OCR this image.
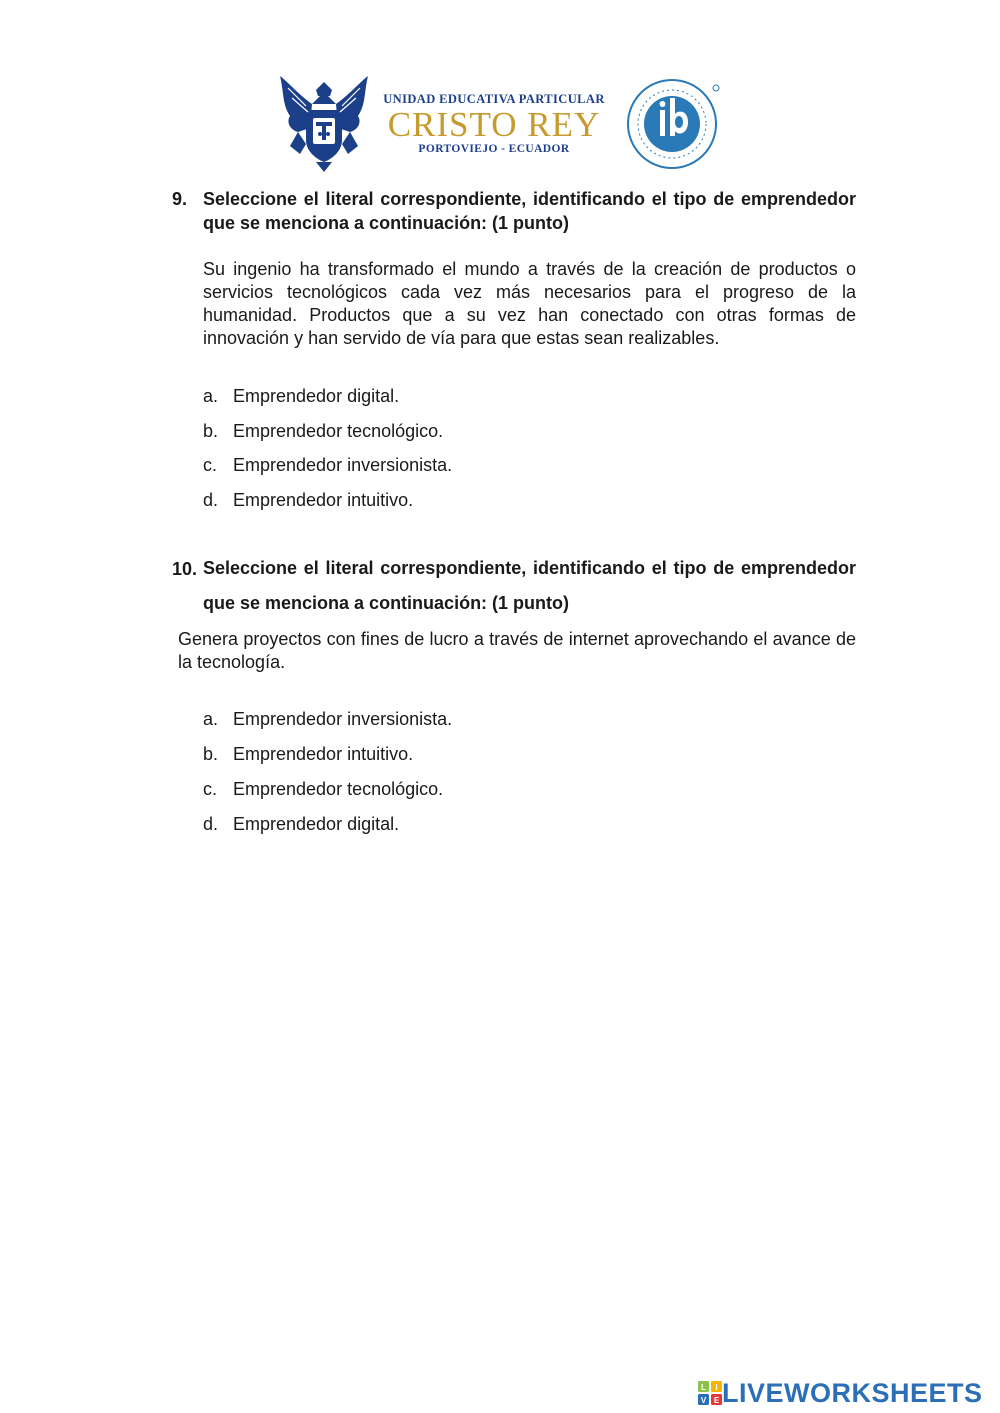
UNIDAD EDUCATIVA PARTICULAR
CRISTO REY
PORTOVIEJO - ECUADOR
9. Seleccione el literal correspondiente, identificando el tipo de emprendedor que se menciona a continuación: (1 punto)
Su ingenio ha transformado el mundo a través de la creación de productos o servicios tecnológicos cada vez más necesarios para el progreso de la humanidad. Productos que a su vez han conectado con otras formas de innovación y han servido de vía para que estas sean realizables.
a. Emprendedor digital.
b. Emprendedor tecnológico.
c. Emprendedor inversionista.
d. Emprendedor intuitivo.
10. Seleccione el literal correspondiente, identificando el tipo de emprendedor que se menciona a continuación: (1 punto)
Genera proyectos con fines de lucro a través de internet aprovechando el avance de la tecnología.
a. Emprendedor inversionista.
b. Emprendedor intuitivo.
c. Emprendedor tecnológico.
d. Emprendedor digital.
L I
V E LIVEWORKSHEETS
